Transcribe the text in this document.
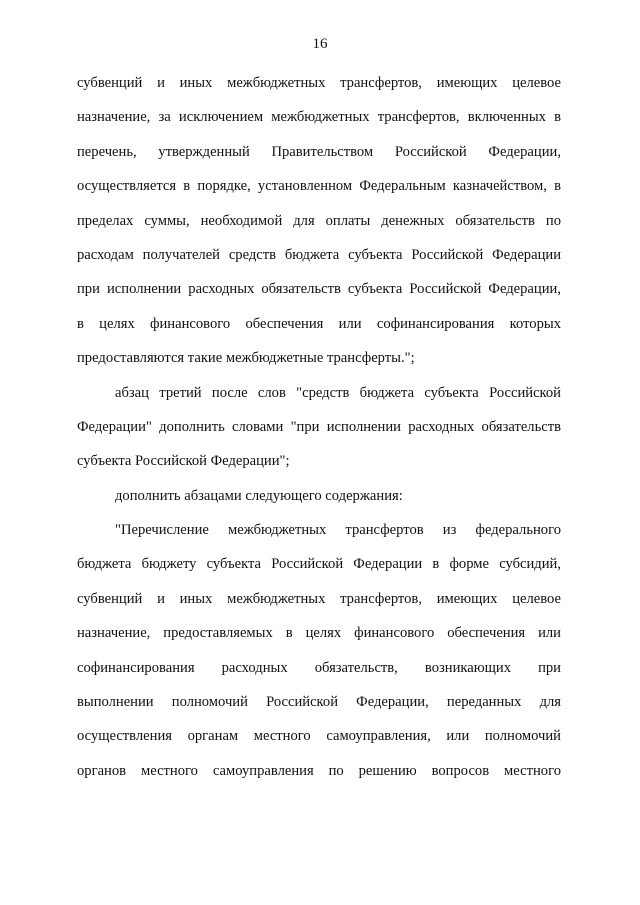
16
субвенций и иных межбюджетных трансфертов, имеющих целевое
назначение, за исключением межбюджетных трансфертов, включенных в
перечень, утвержденный Правительством Российской Федерации,
осуществляется в порядке, установленном Федеральным казначейством, в
пределах суммы, необходимой для оплаты денежных обязательств по
расходам получателей средств бюджета субъекта Российской Федерации
при исполнении расходных обязательств субъекта Российской Федерации,
в целях финансового обеспечения или софинансирования которых
предоставляются такие межбюджетные трансферты.";
абзац третий после слов "средств бюджета субъекта Российской
Федерации" дополнить словами "при исполнении расходных обязательств
субъекта Российской Федерации";
дополнить абзацами следующего содержания:
"Перечисление межбюджетных трансфертов из федерального
бюджета бюджету субъекта Российской Федерации в форме субсидий,
субвенций и иных межбюджетных трансфертов, имеющих целевое
назначение, предоставляемых в целях финансового обеспечения или
софинансирования расходных обязательств, возникающих при
выполнении полномочий Российской Федерации, переданных для
осуществления органам местного самоуправления, или полномочий
органов местного самоуправления по решению вопросов местного
